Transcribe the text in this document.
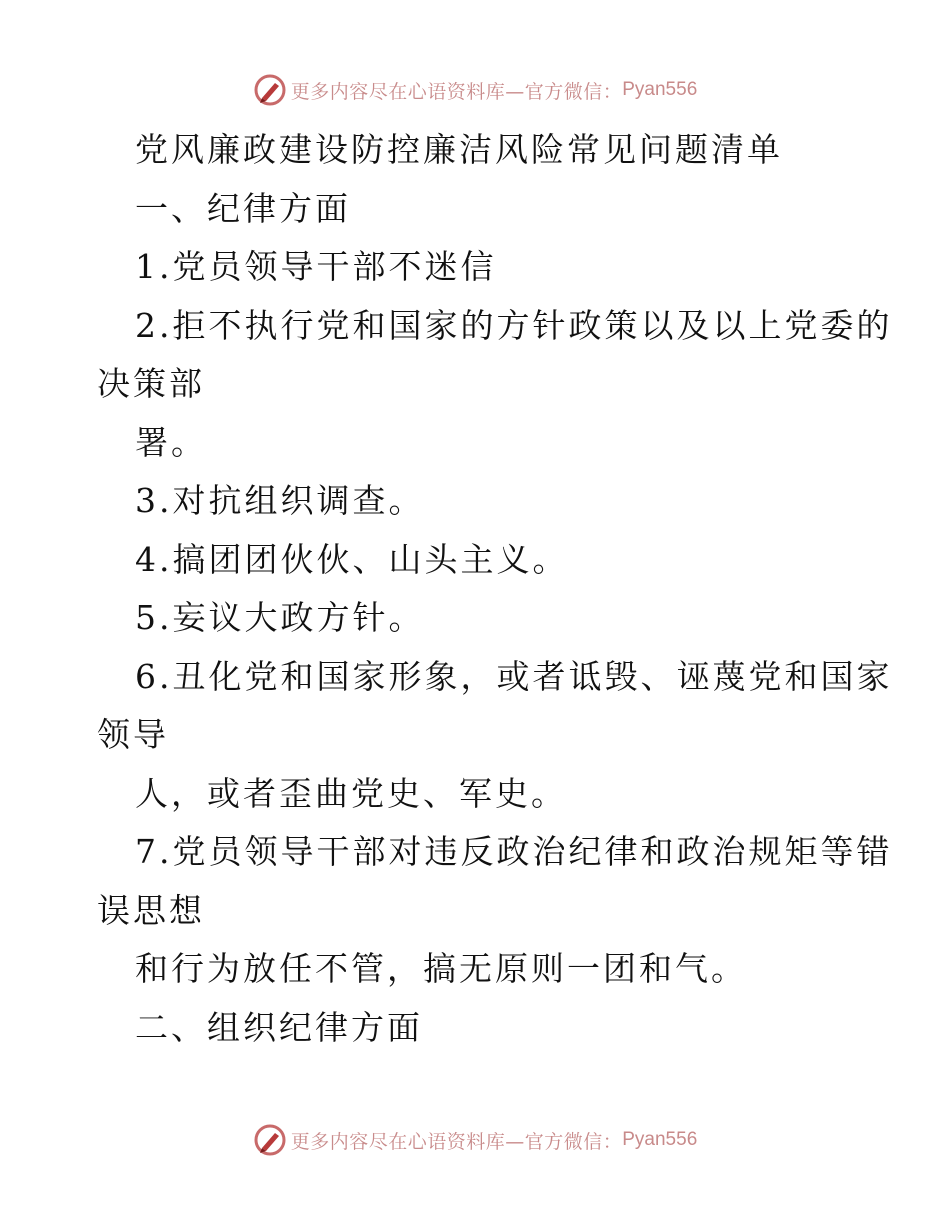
更多内容尽在心语资料库—官方微信： Pyan556
党风廉政建设防控廉洁风险常见问题清单
一、纪律方面
1.党员领导干部不迷信
2.拒不执行党和国家的方针政策以及以上党委的
决策部
署。
3.对抗组织调查。
4.搞团团伙伙、山头主义。
5.妄议大政方针。
6.丑化党和国家形象，或者诋毁、诬蔑党和国家
领导
人，或者歪曲党史、军史。
7.党员领导干部对违反政治纪律和政治规矩等错
误思想
和行为放任不管，搞无原则一团和气。
二、组织纪律方面
更多内容尽在心语资料库—官方微信： Pyan556
